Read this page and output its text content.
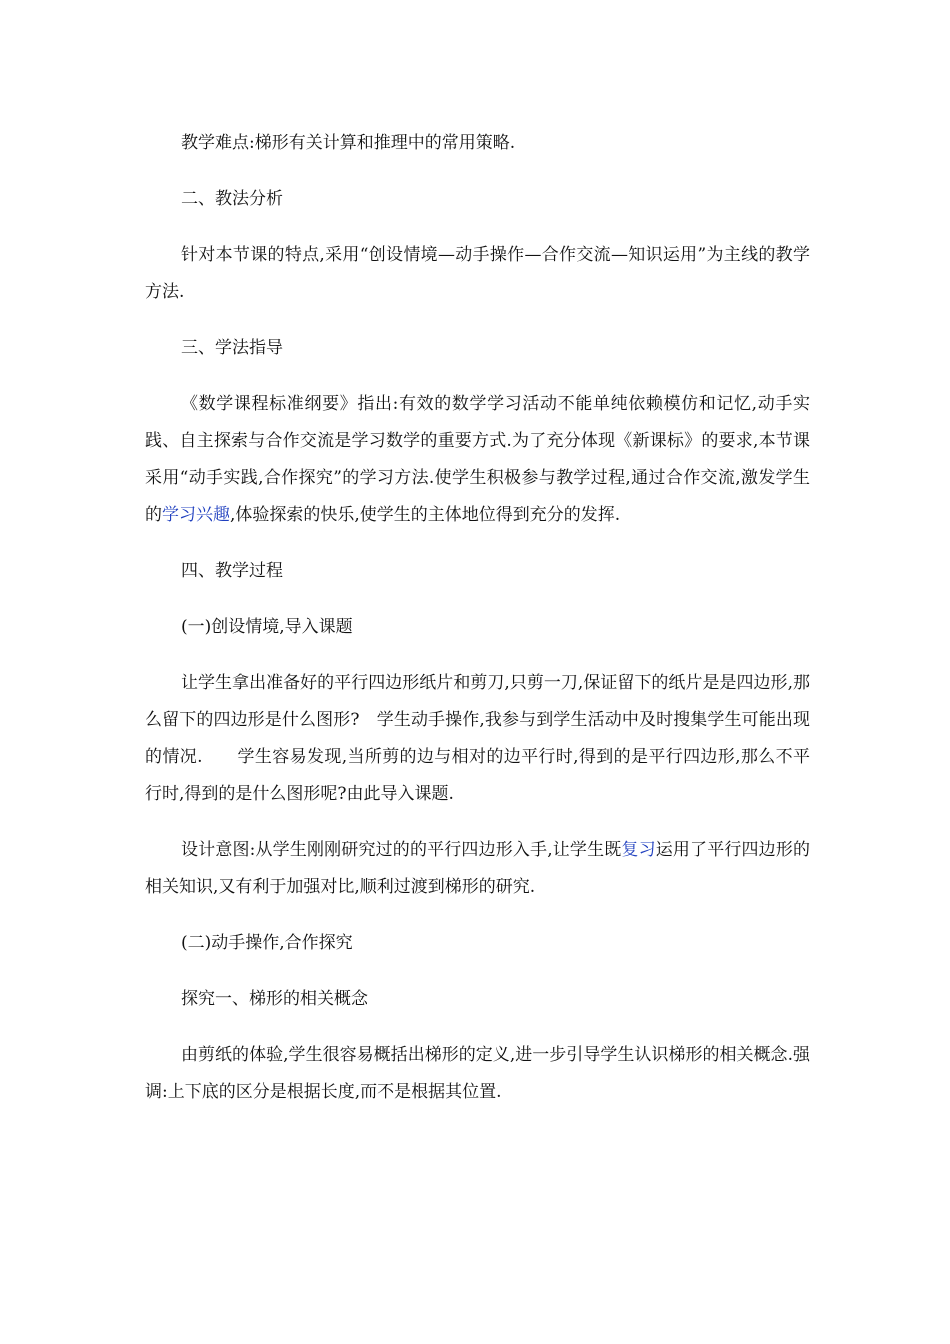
教学难点:梯形有关计算和推理中的常用策略.

二、教法分析

针对本节课的特点,采用“创设情境—动手操作—合作交流—知识运用”为主线的教学方法.

三、学法指导

《数学课程标准纲要》指出:有效的数学学习活动不能单纯依赖模仿和记忆,动手实践、自主探索与合作交流是学习数学的重要方式.为了充分体现《新课标》的要求,本节课采用“动手实践,合作探究”的学习方法.使学生积极参与教学过程,通过合作交流,激发学生的学习兴趣,体验探索的快乐,使学生的主体地位得到充分的发挥.

四、教学过程

(一)创设情境,导入课题

让学生拿出准备好的平行四边形纸片和剪刀,只剪一刀,保证留下的纸片是是四边形,那么留下的四边形是什么图形?　学生动手操作,我参与到学生活动中及时搜集学生可能出现的情况.　　学生容易发现,当所剪的边与相对的边平行时,得到的是平行四边形,那么不平行时,得到的是什么图形呢?由此导入课题.

设计意图:从学生刚刚研究过的的平行四边形入手,让学生既复习运用了平行四边形的相关知识,又有利于加强对比,顺利过渡到梯形的研究.

(二)动手操作,合作探究

探究一、梯形的相关概念

由剪纸的体验,学生很容易概括出梯形的定义,进一步引导学生认识梯形的相关概念.强调:上下底的区分是根据长度,而不是根据其位置.
